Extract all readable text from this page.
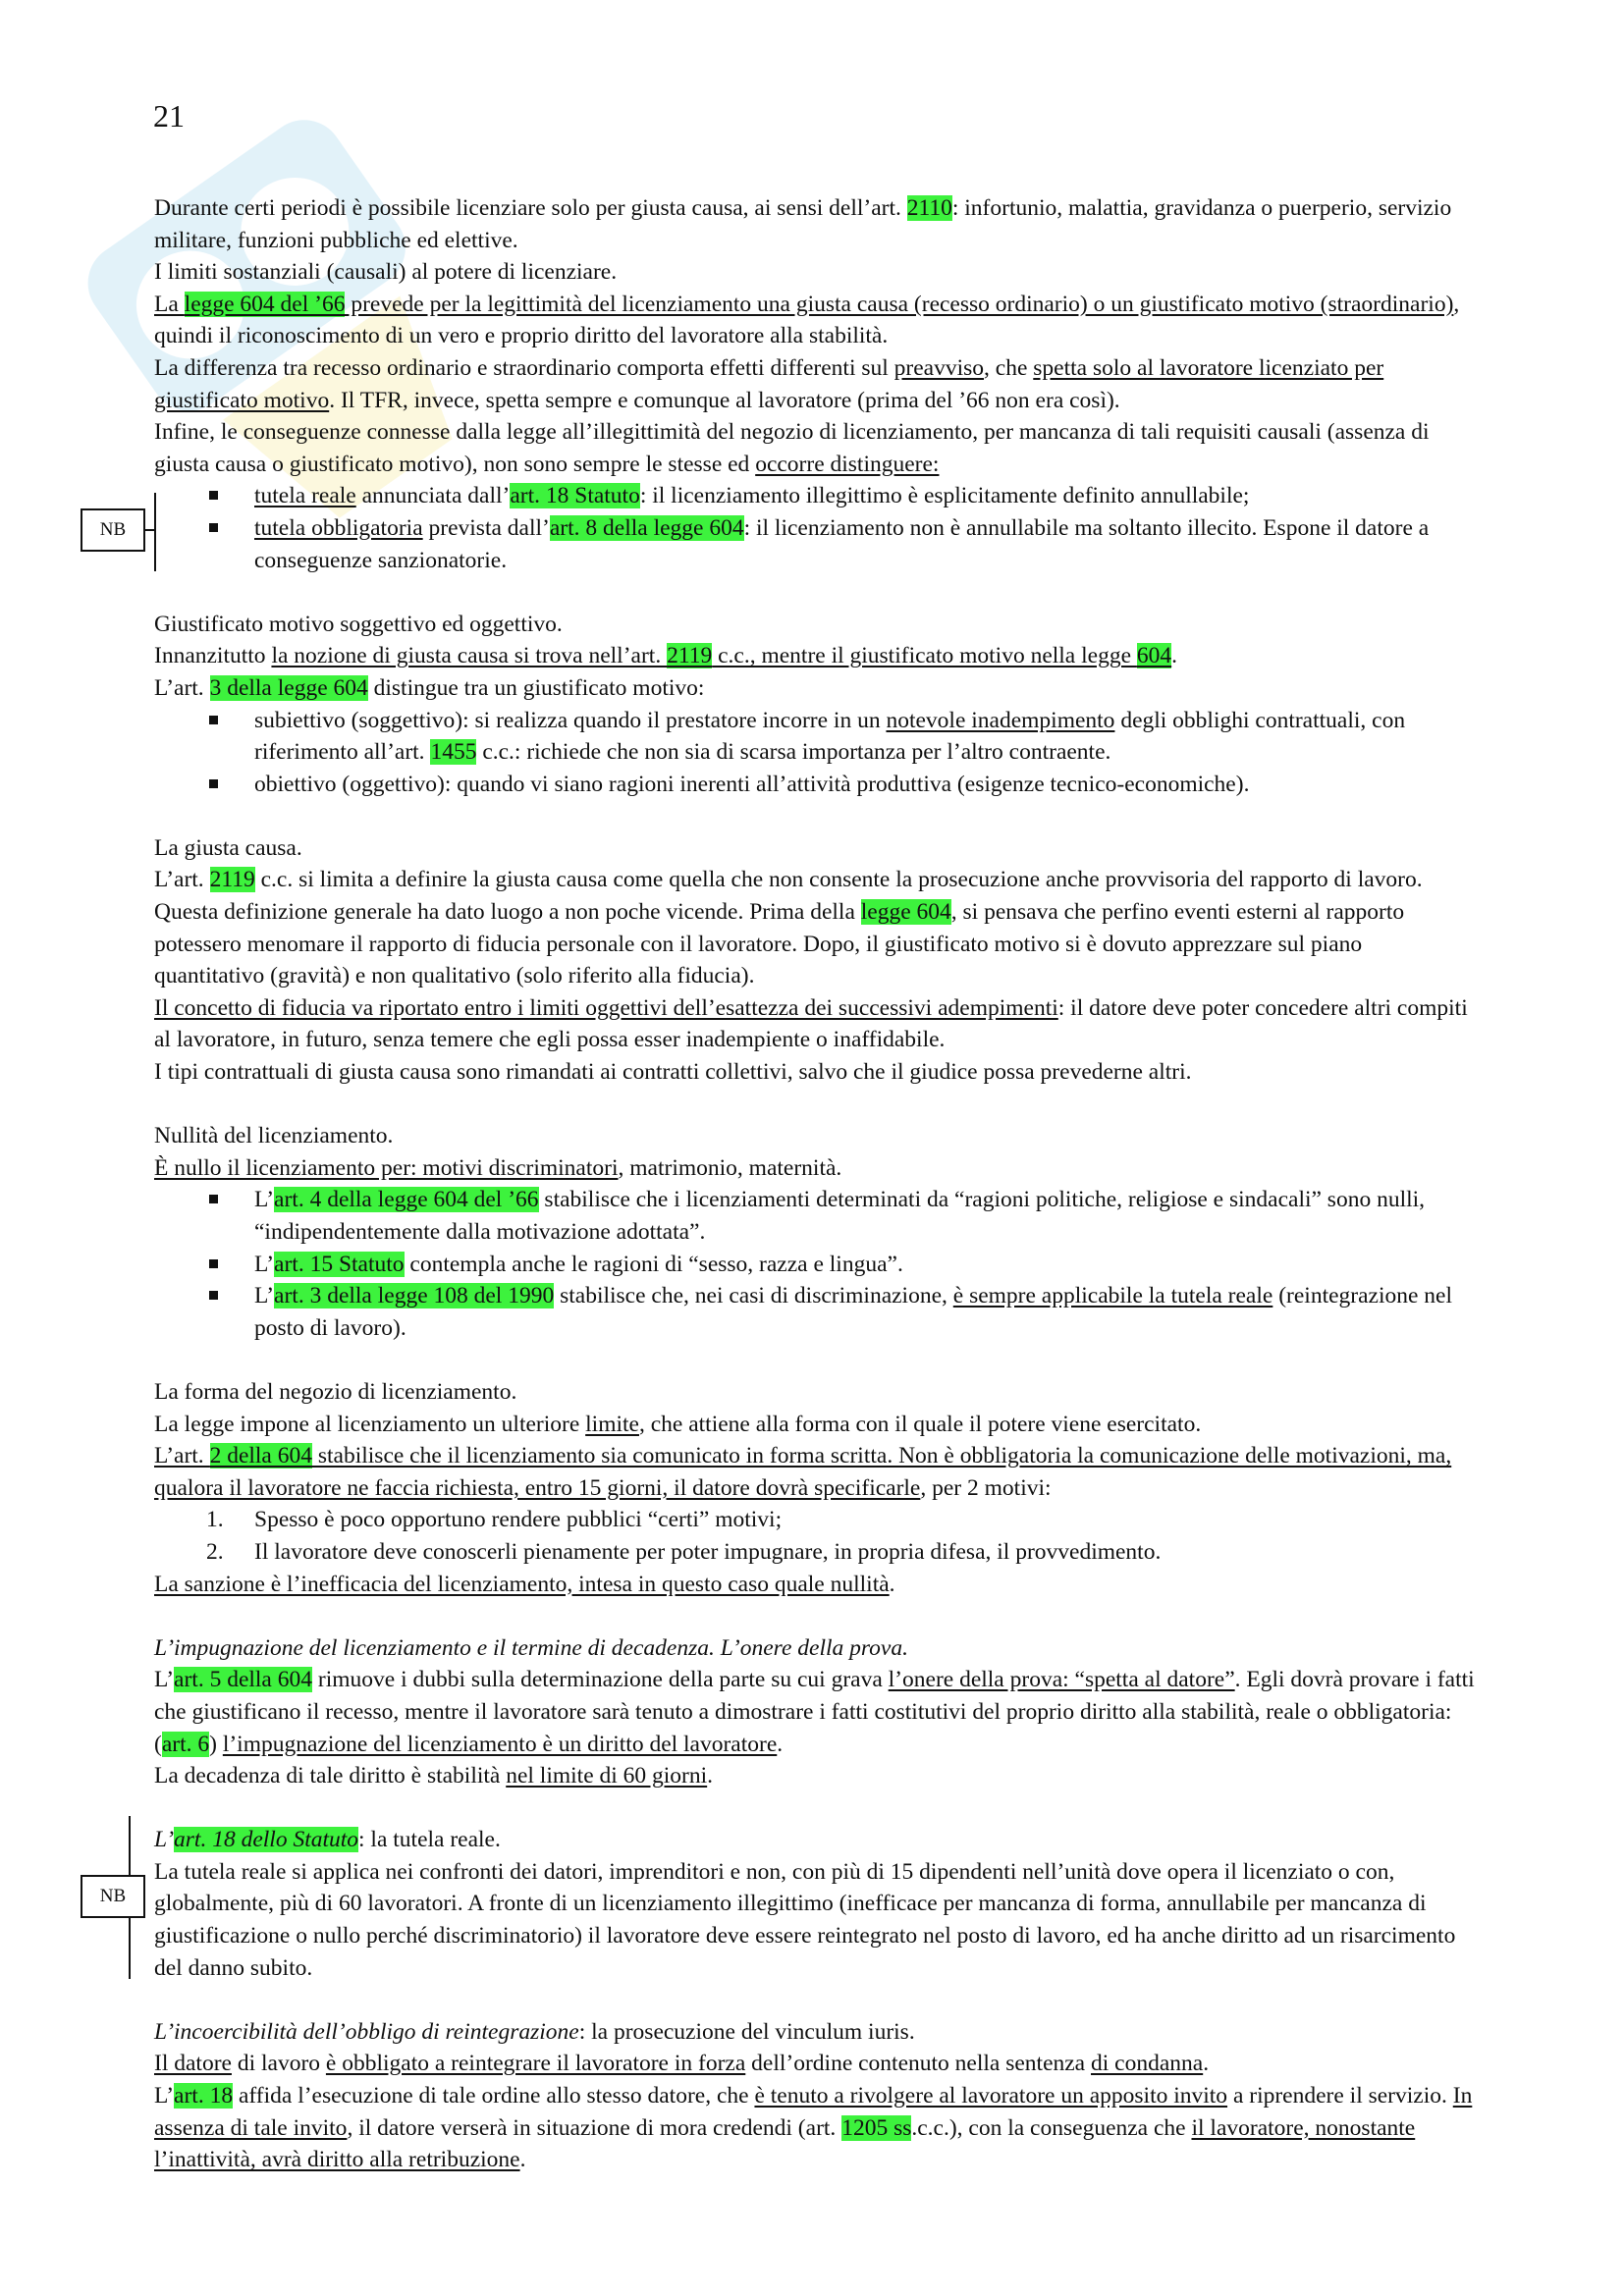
21
NB
NB

Durante certi periodi è possibile licenziare solo per giusta causa, ai sensi dell’art. 2110: infortunio, malattia, gravidanza o puerperio, servizio militare, funzioni pubbliche ed elettive.

I limiti sostanziali (causali) al potere di licenziare.

La legge 604 del ’66 prevede per la legittimità del licenziamento una giusta causa (recesso ordinario) o un giustificato motivo (straordinario), quindi il riconoscimento di un vero e proprio diritto del lavoratore alla stabilità.

La differenza tra recesso ordinario e straordinario comporta effetti differenti sul preavviso, che spetta solo al lavoratore licenziato per giustificato motivo. Il TFR, invece, spetta sempre e comunque al lavoratore (prima del ’66 non era così).

Infine, le conseguenze connesse dalla legge all’illegittimità del negozio di licenziamento, per mancanza di tali requisiti causali (assenza di giusta causa o giustificato motivo), non sono sempre le stesse ed occorre distinguere:

tutela reale annunciata dall’art. 18 Statuto: il licenziamento illegittimo è esplicitamente definito annullabile;
tutela obbligatoria prevista dall’art. 8 della legge 604: il licenziamento non è annullabile ma soltanto illecito. Espone il datore a conseguenze sanzionatorie.

Giustificato motivo soggettivo ed oggettivo.

Innanzitutto la nozione di giusta causa si trova nell’art. 2119 c.c., mentre il giustificato motivo nella legge 604.

L’art. 3 della legge 604 distingue tra un giustificato motivo:

subiettivo (soggettivo): si realizza quando il prestatore incorre in un notevole inadempimento degli obblighi contrattuali, con riferimento all’art. 1455 c.c.: richiede che non sia di scarsa importanza per l’altro contraente.
obiettivo (oggettivo): quando vi siano ragioni inerenti all’attività produttiva (esigenze tecnico-economiche).

La giusta causa.

L’art. 2119 c.c. si limita a definire la giusta causa come quella che non consente la prosecuzione anche provvisoria del rapporto di lavoro. Questa definizione generale ha dato luogo a non poche vicende. Prima della legge 604, si pensava che perfino eventi esterni al rapporto potessero menomare il rapporto di fiducia personale con il lavoratore. Dopo, il giustificato motivo si è dovuto apprezzare sul piano quantitativo (gravità) e non qualitativo (solo riferito alla fiducia).

Il concetto di fiducia va riportato entro i limiti oggettivi dell’esattezza dei successivi adempimenti: il datore deve poter concedere altri compiti al lavoratore, in futuro, senza temere che egli possa esser inadempiente o inaffidabile.

I tipi contrattuali di giusta causa sono rimandati ai contratti collettivi, salvo che il giudice possa prevederne altri.

Nullità del licenziamento.

È nullo il licenziamento per: motivi discriminatori, matrimonio, maternità.

L’art. 4 della legge 604 del ’66 stabilisce che i licenziamenti determinati da “ragioni politiche, religiose e sindacali” sono nulli, “indipendentemente dalla motivazione adottata”.
L’art. 15 Statuto contempla anche le ragioni di “sesso, razza e lingua”.
L’art. 3 della legge 108 del 1990 stabilisce che, nei casi di discriminazione, è sempre applicabile la tutela reale (reintegrazione nel posto di lavoro).

La forma del negozio di licenziamento.

La legge impone al licenziamento un ulteriore limite, che attiene alla forma con il quale il potere viene esercitato.

L’art. 2 della 604 stabilisce che il licenziamento sia comunicato in forma scritta. Non è obbligatoria la comunicazione delle motivazioni, ma, qualora il lavoratore ne faccia richiesta, entro 15 giorni, il datore dovrà specificarle, per 2 motivi:

1. Spesso è poco opportuno rendere pubblici “certi” motivi;
2. Il lavoratore deve conoscerli pienamente per poter impugnare, in propria difesa, il provvedimento.

La sanzione è l’inefficacia del licenziamento, intesa in questo caso quale nullità.

L’impugnazione del licenziamento e il termine di decadenza. L’onere della prova.

L’art. 5 della 604 rimuove i dubbi sulla determinazione della parte su cui grava l’onere della prova: “spetta al datore”. Egli dovrà provare i fatti che giustificano il recesso, mentre il lavoratore sarà tenuto a dimostrare i fatti costitutivi del proprio diritto alla stabilità, reale o obbligatoria: (art. 6) l’impugnazione del licenziamento è un diritto del lavoratore.

La decadenza di tale diritto è stabilità nel limite di 60 giorni.

L’art. 18 dello Statuto: la tutela reale.

La tutela reale si applica nei confronti dei datori, imprenditori e non, con più di 15 dipendenti nell’unità dove opera il licenziato o con, globalmente, più di 60 lavoratori. A fronte di un licenziamento illegittimo (inefficace per mancanza di forma, annullabile per mancanza di giustificazione o nullo perché discriminatorio) il lavoratore deve essere reintegrato nel posto di lavoro, ed ha anche diritto ad un risarcimento del danno subito.

L’incoercibilità dell’obbligo di reintegrazione: la prosecuzione del vinculum iuris.

Il datore di lavoro è obbligato a reintegrare il lavoratore in forza dell’ordine contenuto nella sentenza di condanna.

L’art. 18 affida l’esecuzione di tale ordine allo stesso datore, che è tenuto a rivolgere al lavoratore un apposito invito a riprendere il servizio. In assenza di tale invito, il datore verserà in situazione di mora credendi (art. 1205 ss.c.c.), con la conseguenza che il lavoratore, nonostante l’inattività, avrà diritto alla retribuzione.
